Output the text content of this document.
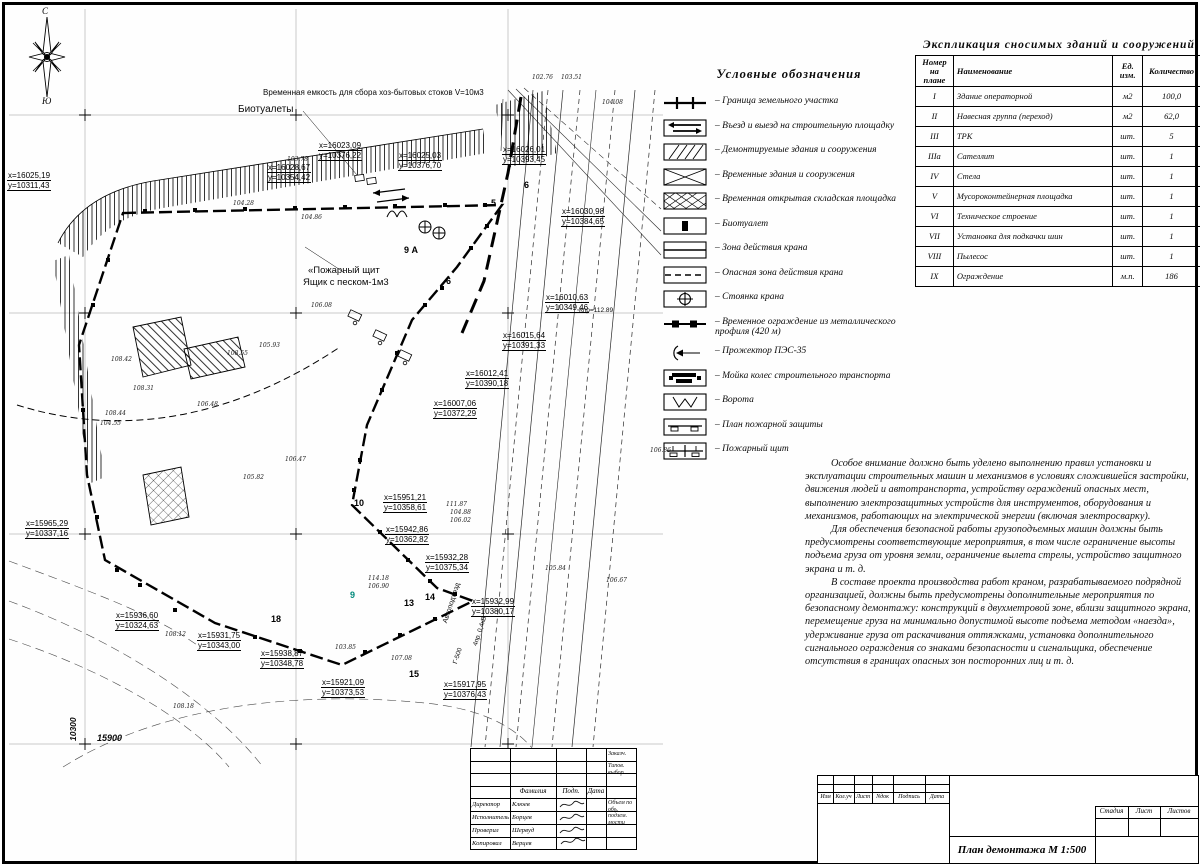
Биотуалеты
Временная емкость для сбора хоз-бытовых стоков V=10м3
«Пожарный щит
Ящик с песком-1м3
Кпр=112.89
Автоподъезд
4пр. 0,4кВ
Г-500
10300 15900
х=16025,19
у=10311,43
х=16023,09
у=10376,22
х=16028,67
у=10354,42
х=16025,03
у=10376,70
х=16026,01
у=10393,45
х=16030,98
у=10384,65
х=16010,63
у=10349,46
х=16015,64
у=10391,33
х=16012,41
у=10390,18
х=16007,06
у=10372,29
х=15951,21
у=10358,61
х=15942,86
у=10362,82
х=15932,28
у=10375,34
х=15932,99
у=10380,17
х=15936,60
у=10324,63
х=15931,75
у=10343,00
х=15938,87
у=10348,78
х=15921,09
у=10373,53
х=15917,95
у=10376,43
х=15965,29
у=10337,16
5
6
6
9 А
10
13
14
15
18
9
104.28
104.86
103.78
102.76 103.51
104.08
108.55
108.42
108.31
108.44
104.55
106.48
106.08
105.93
106.47
105.82
114.18
106.90
111.87
104.88
106.02
105.84
106.67
106.86
108.12
108.18
107.08
103.85
С
Ю
Условные обозначения
– Граница земельного участка
– Въезд и выезд на строительную площадку
– Демонтируемые здания и сооружения
– Временные здания и сооружения
– Временная открытая складская площадка
– Биотуалет
– Зона действия крана
– Опасная зона действия крана
– Стоянка крана
– Временное ограждение из металлического профиля (420 м)
– Прожектор ПЭС-35
– Мойка колес строительного транспорта
– Ворота
– План пожарной защиты
– Пожарный щит
Экспликация сносимых зданий и сооружений
Номер на плане	Наименование	Ед. изм.	Количество
I	Здание операторной	м2	100,0
II	Навесная группа (переход)	м2	62,0
III	ТРК	шт.	5
IIIа	Сателлит	шт.	1
IV	Стела	шт.	1
V	Мусороконтейнерная площадка	шт.	1
VI	Техническое строение	шт.	1
VII	Установка для подкачки шин	шт.	1
VIII	Пылесос	шт.	1
IX	Ограждение	м.п.	186

Особое внимание должно быть уделено выполнению правил установки и эксплуатации строительных машин и механизмов в условиях сложившейся застройки, движения людей и автотранспорта, устройству ограждений опасных мест, выполнению электрозащитных устройств для инструментов, оборудования и механизмов, работающих на электрической энергии (включая электросварку).

Для обеспечения безопасной работы грузоподъемных машин должны быть предусмотрены соответствующие мероприятия, в том числе ограничение высоты подъема груза от уровня земли, ограничение вылета стрелы, устройство защитного экрана и т. д.

В составе проекта производства работ краном, разрабатываемого подрядной организацией, должны быть предусмотрены дополнительные мероприятия по безопасному демонтажу: конструкций в двухметровой зоне, вблизи защитного экрана, перемещение груза на минимально допустимой высоте подъема методом «наезда», удерживание груза от раскачивания оттяжками, установка дополнительного сигнального ограждения со знаками безопасности и сигнальщика, обеспечение отсутствия в границах опасных зон посторонних лиц и т. д.

Изм Кол.уч Лист	Nдок	Подпись	Дата
Стадия	Лист	Листов
План демонтажа М 1:500
Фамилия	Подп.	Дата
Директор	Клюев
Исполнитель Борцев
Проверил	Шервуд
Копировал	Верцев
Заказч.
Типов. выбор.
Объем по объ. подзем. мости
